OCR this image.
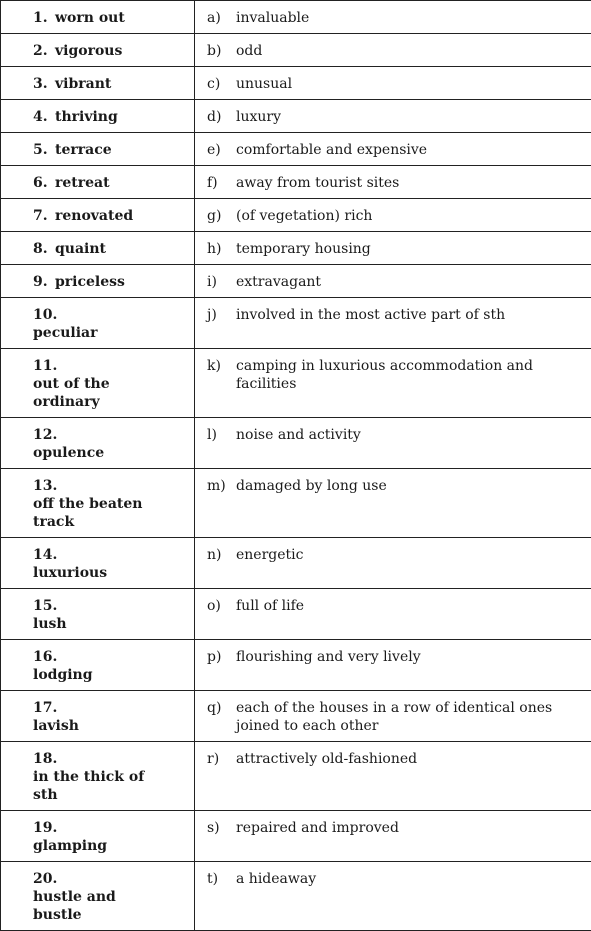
1. worn out	a) invaluable
2. vigorous	b) odd
3. vibrant	c) unusual
4. thriving	d) luxury
5. terrace	e) comfortable and expensive
6. retreat	f) away from tourist sites
7. renovated	g) (of vegetation) rich
8. quaint	h) temporary housing
9. priceless	i) extravagant
10.peculiar	j) involved in the most active part of sth
11.out of the ordinary	k) camping in luxurious accommodation and facilities
12.opulence	l) noise and activity
13.off the beaten track	m) damaged by long use
14.luxurious	n) energetic
15.lush	o) full of life
16.lodging	p) flourishing and very lively
17.lavish	q) each of the houses in a row of identical ones joined to each other
18.in the thick of sth	r) attractively old-fashioned
19.glamping	s) repaired and improved
20.hustle and bustle	t) a hideaway
